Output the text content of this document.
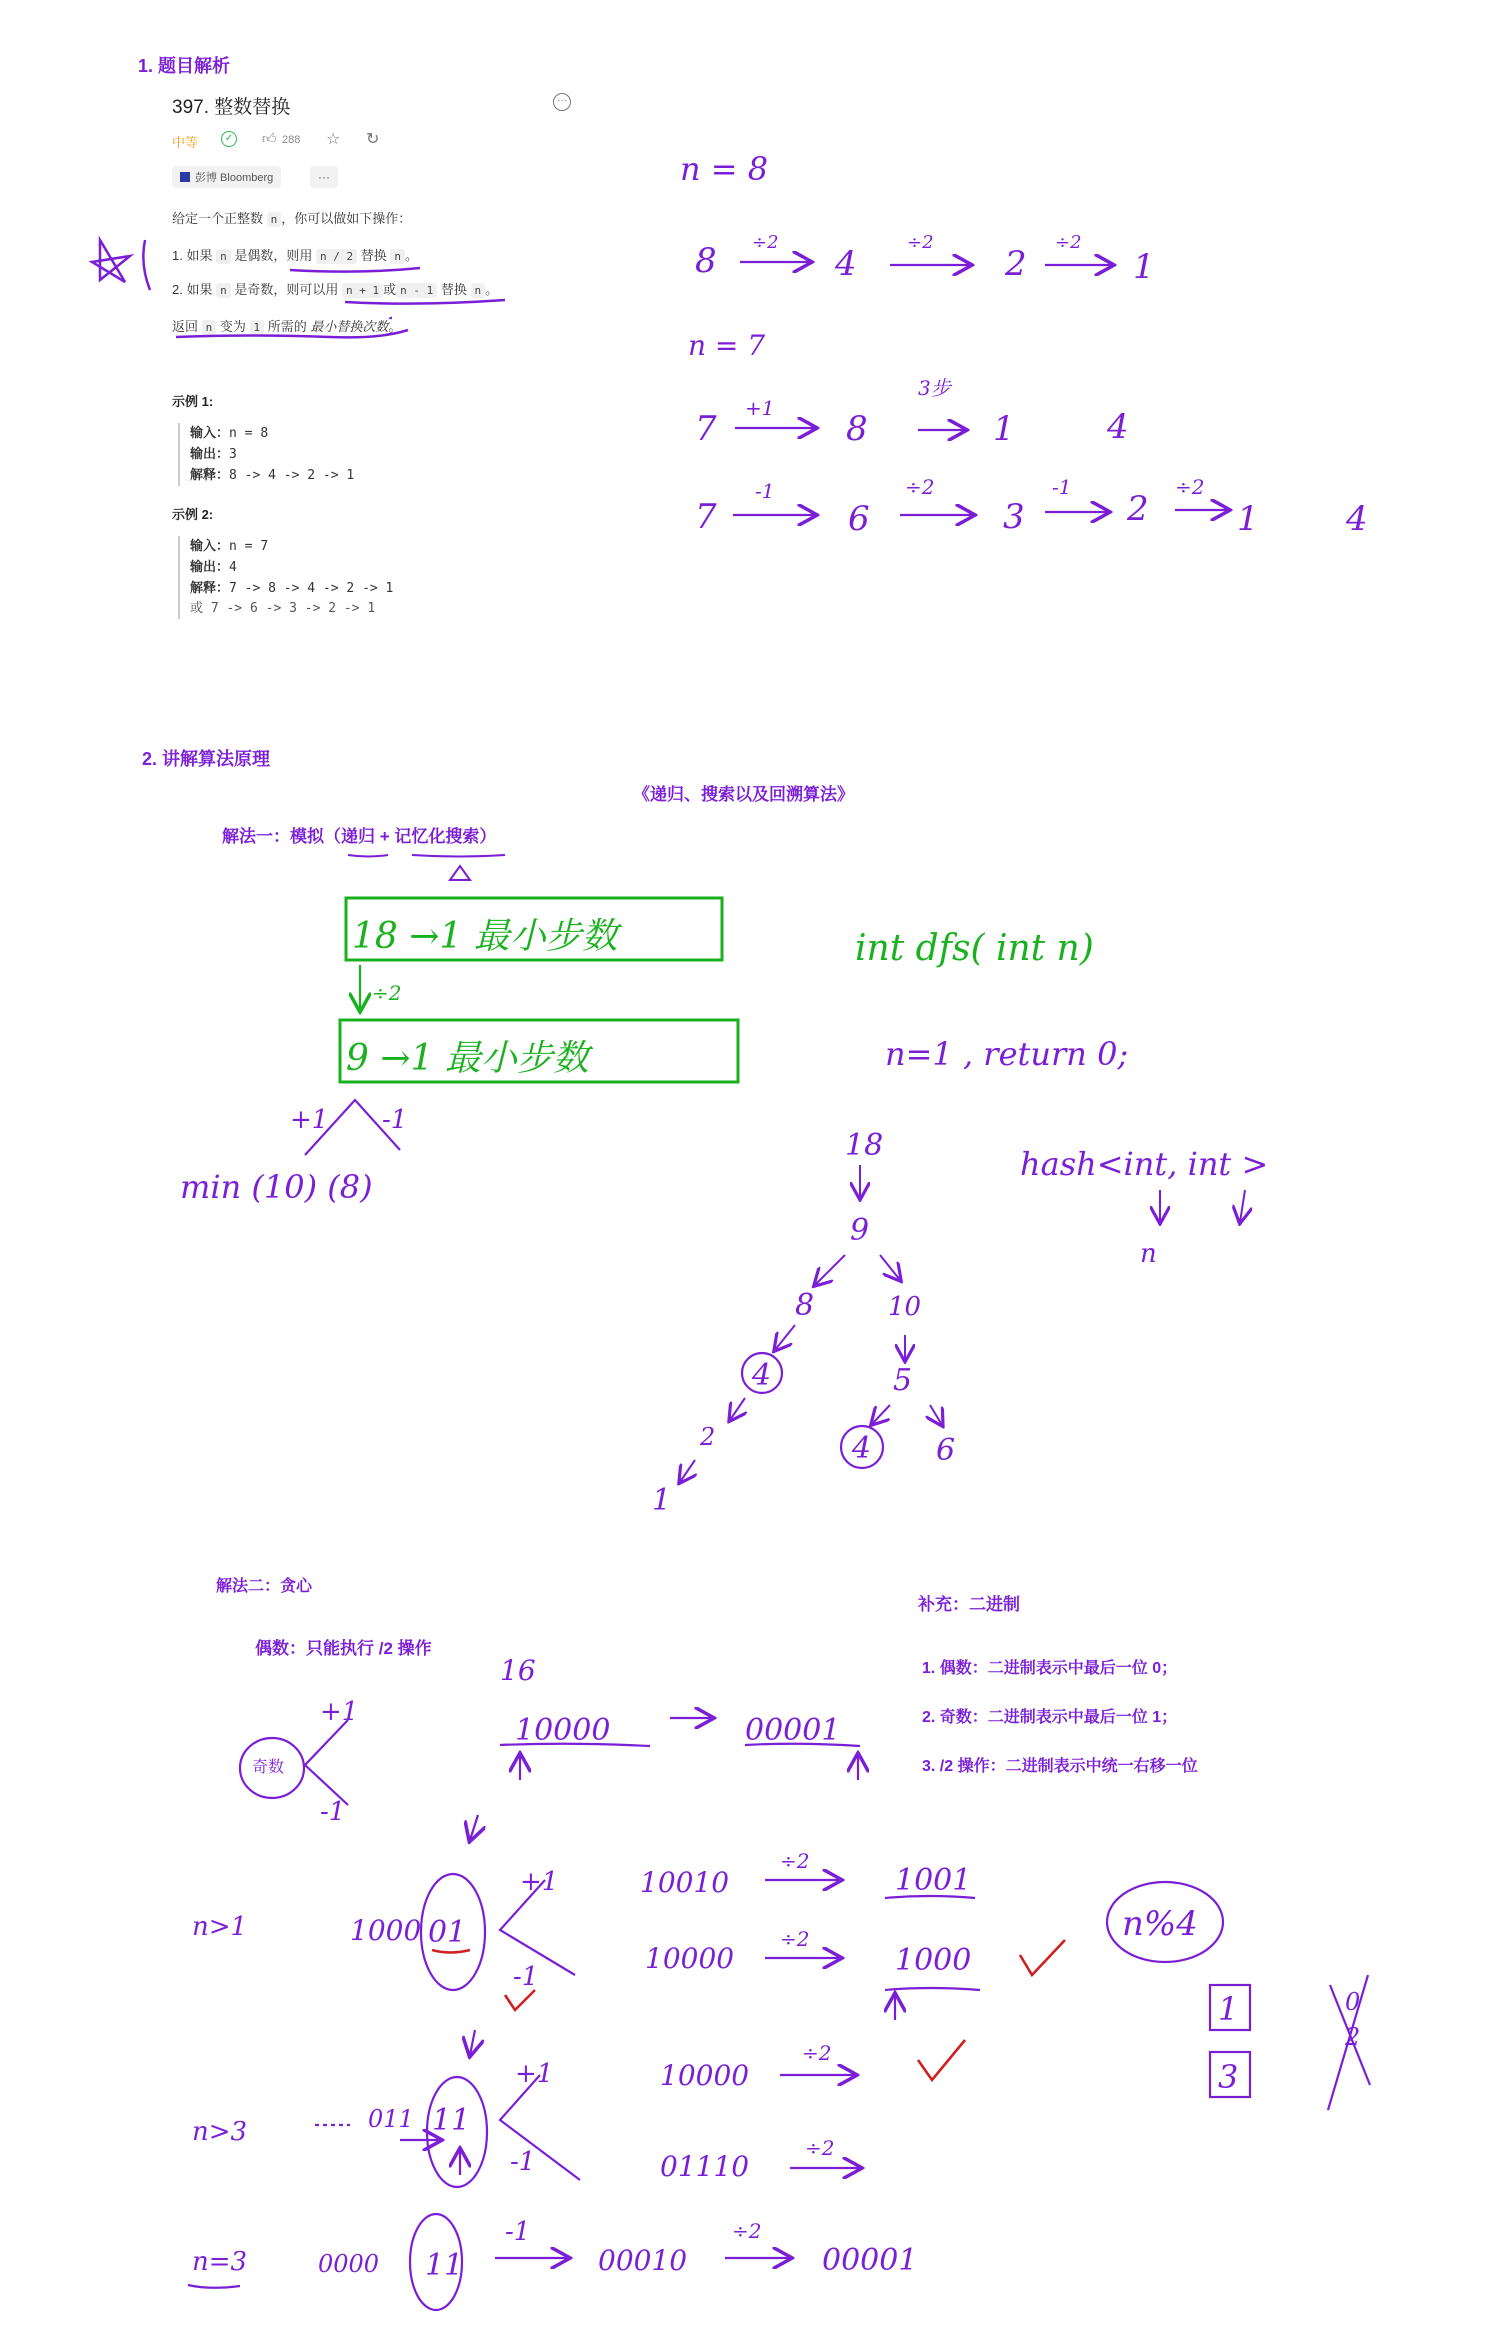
1. 题目解析
397. 整数替换	···
中等	✓ 👍︎ 288 ☆ ↻
彭博 Bloomberg	···
给定一个正整数 n ，你可以做如下操作：
1. 如果 n 是偶数，则用 n / 2 替换 n 。
2. 如果 n 是奇数，则可以用 n + 1 或 n - 1 替换 n 。
返回 n 变为 1 所需的 最小替换次数。
示例 1:
输入：n = 8
输出：3
解释：8 -> 4 -> 2 -> 1
示例 2:
输入：n = 7
输出：4
解释：7 -> 8 -> 4 -> 2 -> 1
或 7 -> 6 -> 3 -> 2 -> 1
2. 讲解算法原理
《递归、搜索以及回溯算法》
解法一：模拟（递归 + 记忆化搜索）
解法二：贪心
偶数：只能执行 /2 操作
补充：二进制
1. 偶数：二进制表示中最后一位 0；
2. 奇数：二进制表示中最后一位 1；
3. /2 操作：二进制表示中统一右移一位
奇数
n = 8
8 ÷2
4
÷2
2
÷2
1
n = 7
7
+1
8
3步
1	4
7
-1
6
÷2
3
-1
2
÷2
1	4
18 →1 最小步数
9 →1 最小步数
÷2
+1 -1
min (10) (8)
int dfs( int n)
n=1 , return 0;
hash<int, int >
n
18
9
8	10
4	5
2	4 6
1
+1
-1
16
10000	00001
n>1	1000 01
+1
-1
10010
÷2
1001
10000
÷2
1000
n%4
1
3
0
2
n>3	011 11
+1
-1
10000
÷2
01110
÷2
n=3	0000 11
-1
00010
÷2
00001
